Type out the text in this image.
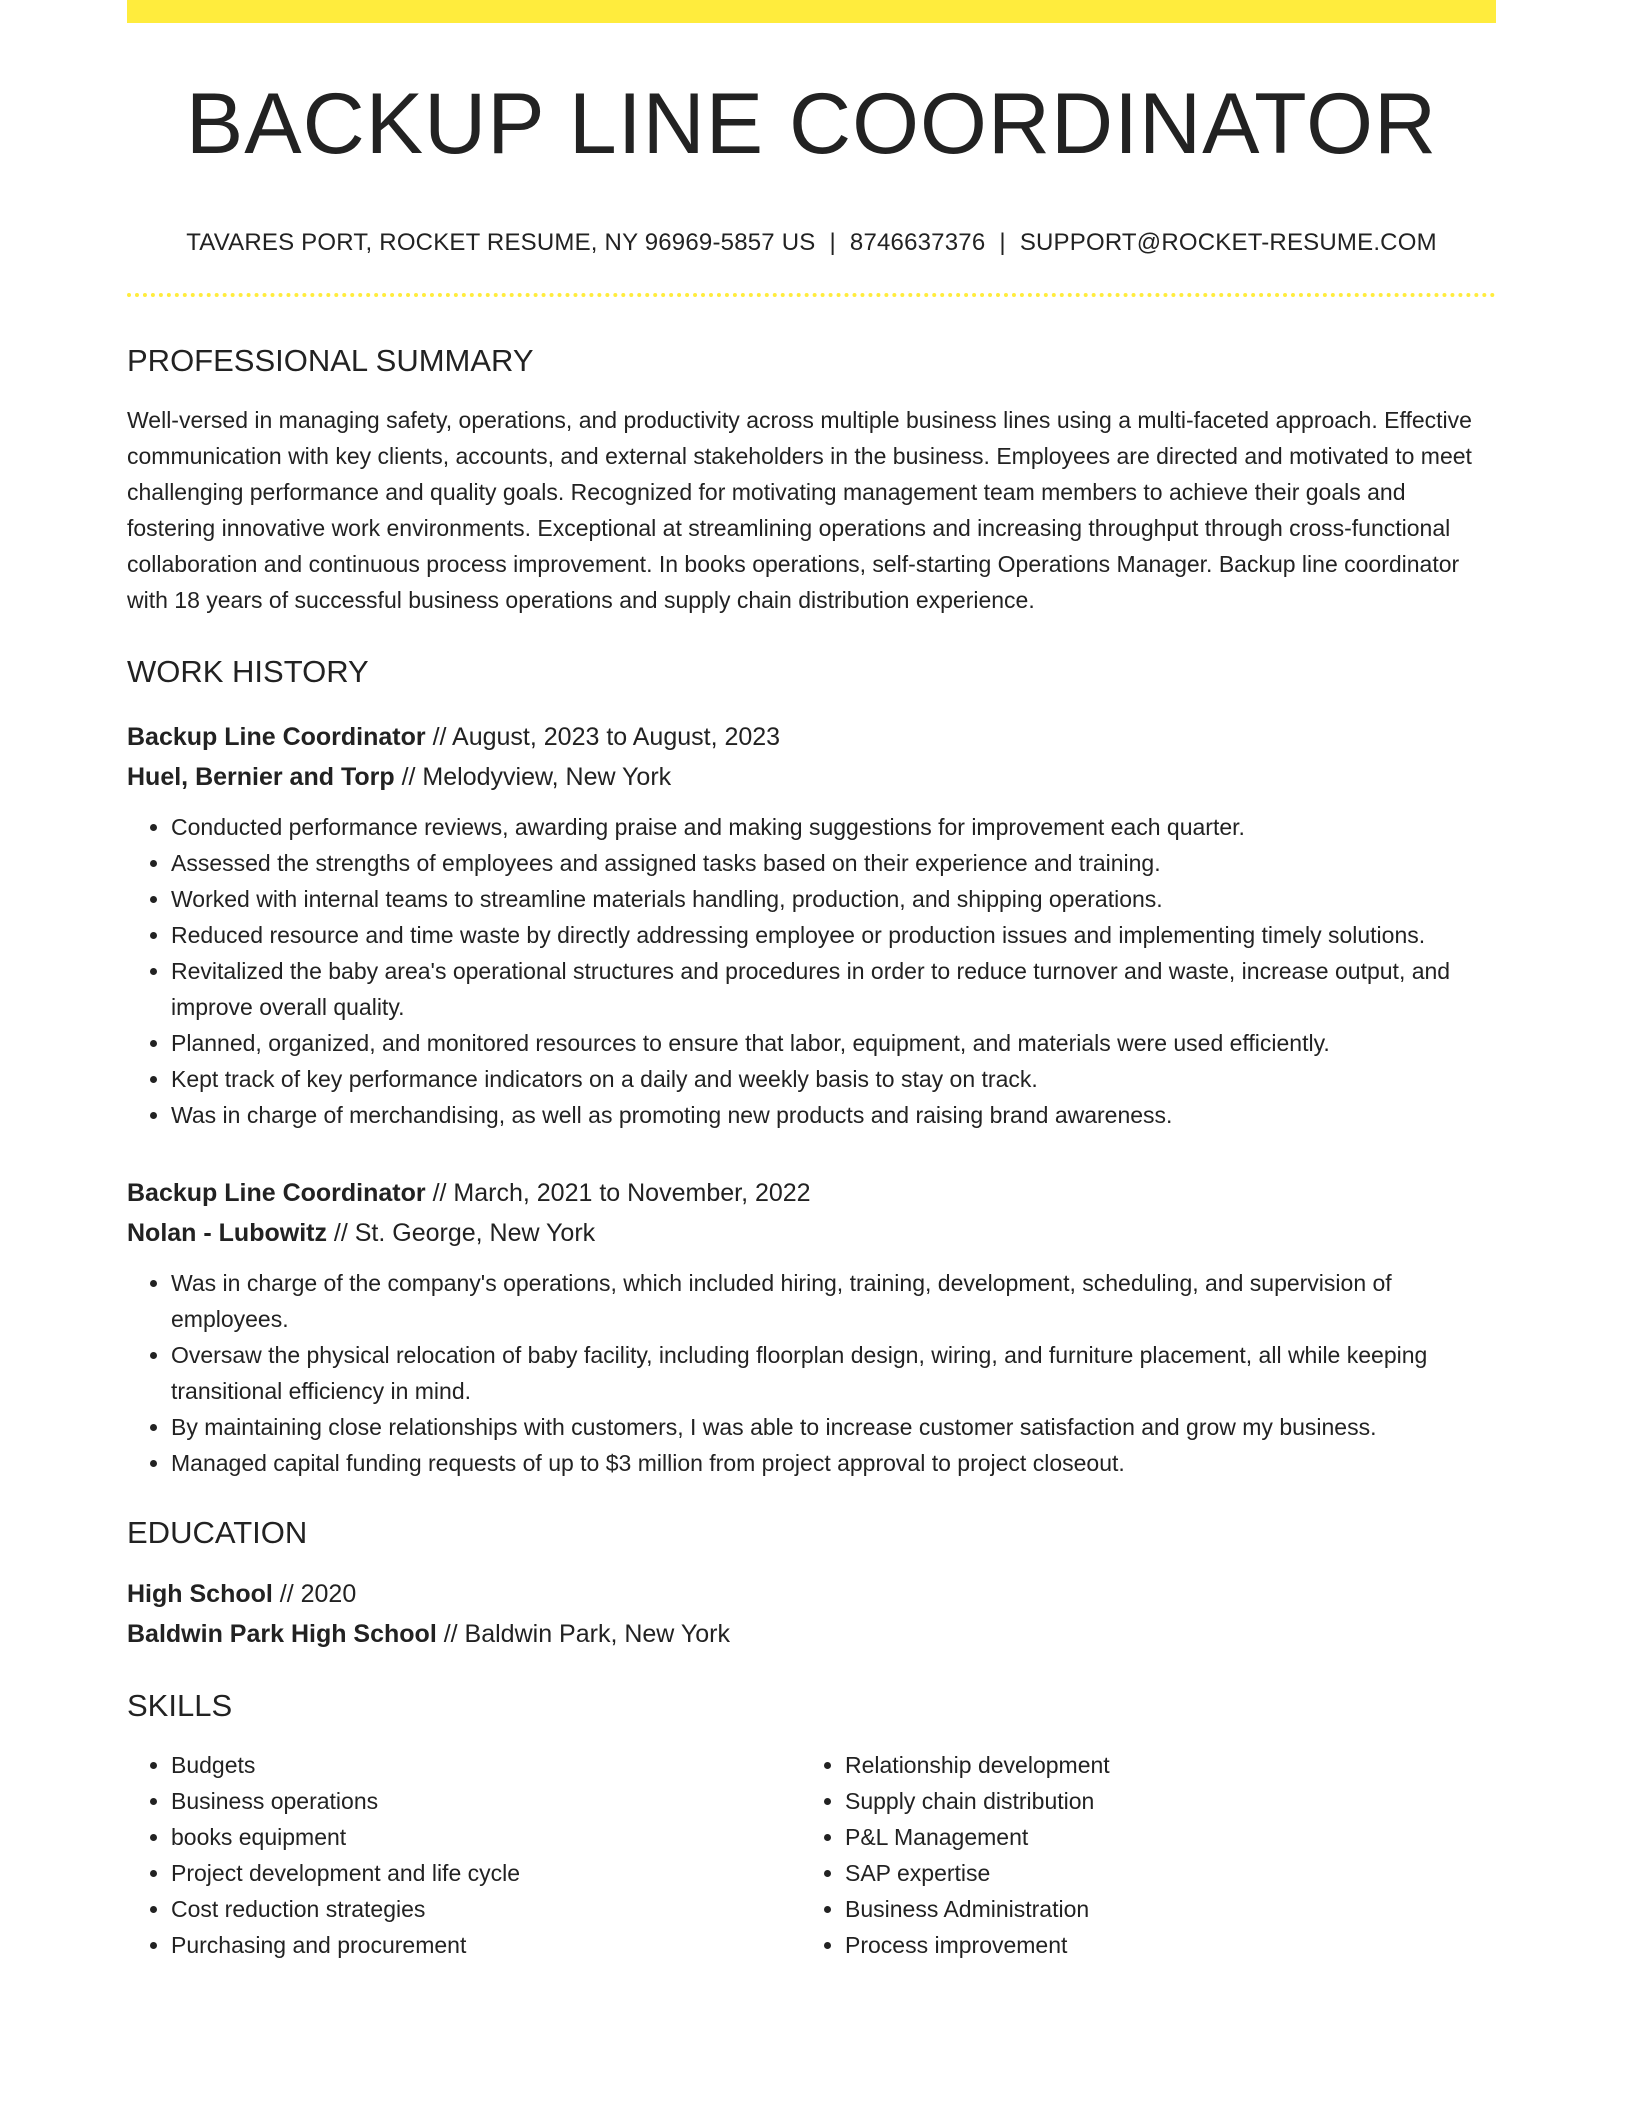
BACKUP LINE COORDINATOR
TAVARES PORT, ROCKET RESUME, NY 96969-5857 US | 8746637376 | SUPPORT@ROCKET-RESUME.COM
PROFESSIONAL SUMMARY
Well-versed in managing safety, operations, and productivity across multiple business lines using a multi-faceted approach. Effective communication with key clients, accounts, and external stakeholders in the business. Employees are directed and motivated to meet challenging performance and quality goals. Recognized for motivating management team members to achieve their goals and fostering innovative work environments. Exceptional at streamlining operations and increasing throughput through cross-functional collaboration and continuous process improvement. In books operations, self-starting Operations Manager. Backup line coordinator with 18 years of successful business operations and supply chain distribution experience.
WORK HISTORY
Backup Line Coordinator // August, 2023 to August, 2023
Huel, Bernier and Torp // Melodyview, New York
• Conducted performance reviews, awarding praise and making suggestions for improvement each quarter.
• Assessed the strengths of employees and assigned tasks based on their experience and training.
• Worked with internal teams to streamline materials handling, production, and shipping operations.
• Reduced resource and time waste by directly addressing employee or production issues and implementing timely solutions.
• Revitalized the baby area's operational structures and procedures in order to reduce turnover and waste, increase output, and improve overall quality.
• Planned, organized, and monitored resources to ensure that labor, equipment, and materials were used efficiently.
• Kept track of key performance indicators on a daily and weekly basis to stay on track.
• Was in charge of merchandising, as well as promoting new products and raising brand awareness.
Backup Line Coordinator // March, 2021 to November, 2022
Nolan - Lubowitz // St. George, New York
• Was in charge of the company's operations, which included hiring, training, development, scheduling, and supervision of employees.
• Oversaw the physical relocation of baby facility, including floorplan design, wiring, and furniture placement, all while keeping transitional efficiency in mind.
• By maintaining close relationships with customers, I was able to increase customer satisfaction and grow my business.
• Managed capital funding requests of up to $3 million from project approval to project closeout.
EDUCATION
High School // 2020
Baldwin Park High School // Baldwin Park, New York
SKILLS
• Budgets
• Business operations
• books equipment
• Project development and life cycle
• Cost reduction strategies
• Purchasing and procurement
• Relationship development
• Supply chain distribution
• P&L Management
• SAP expertise
• Business Administration
• Process improvement
